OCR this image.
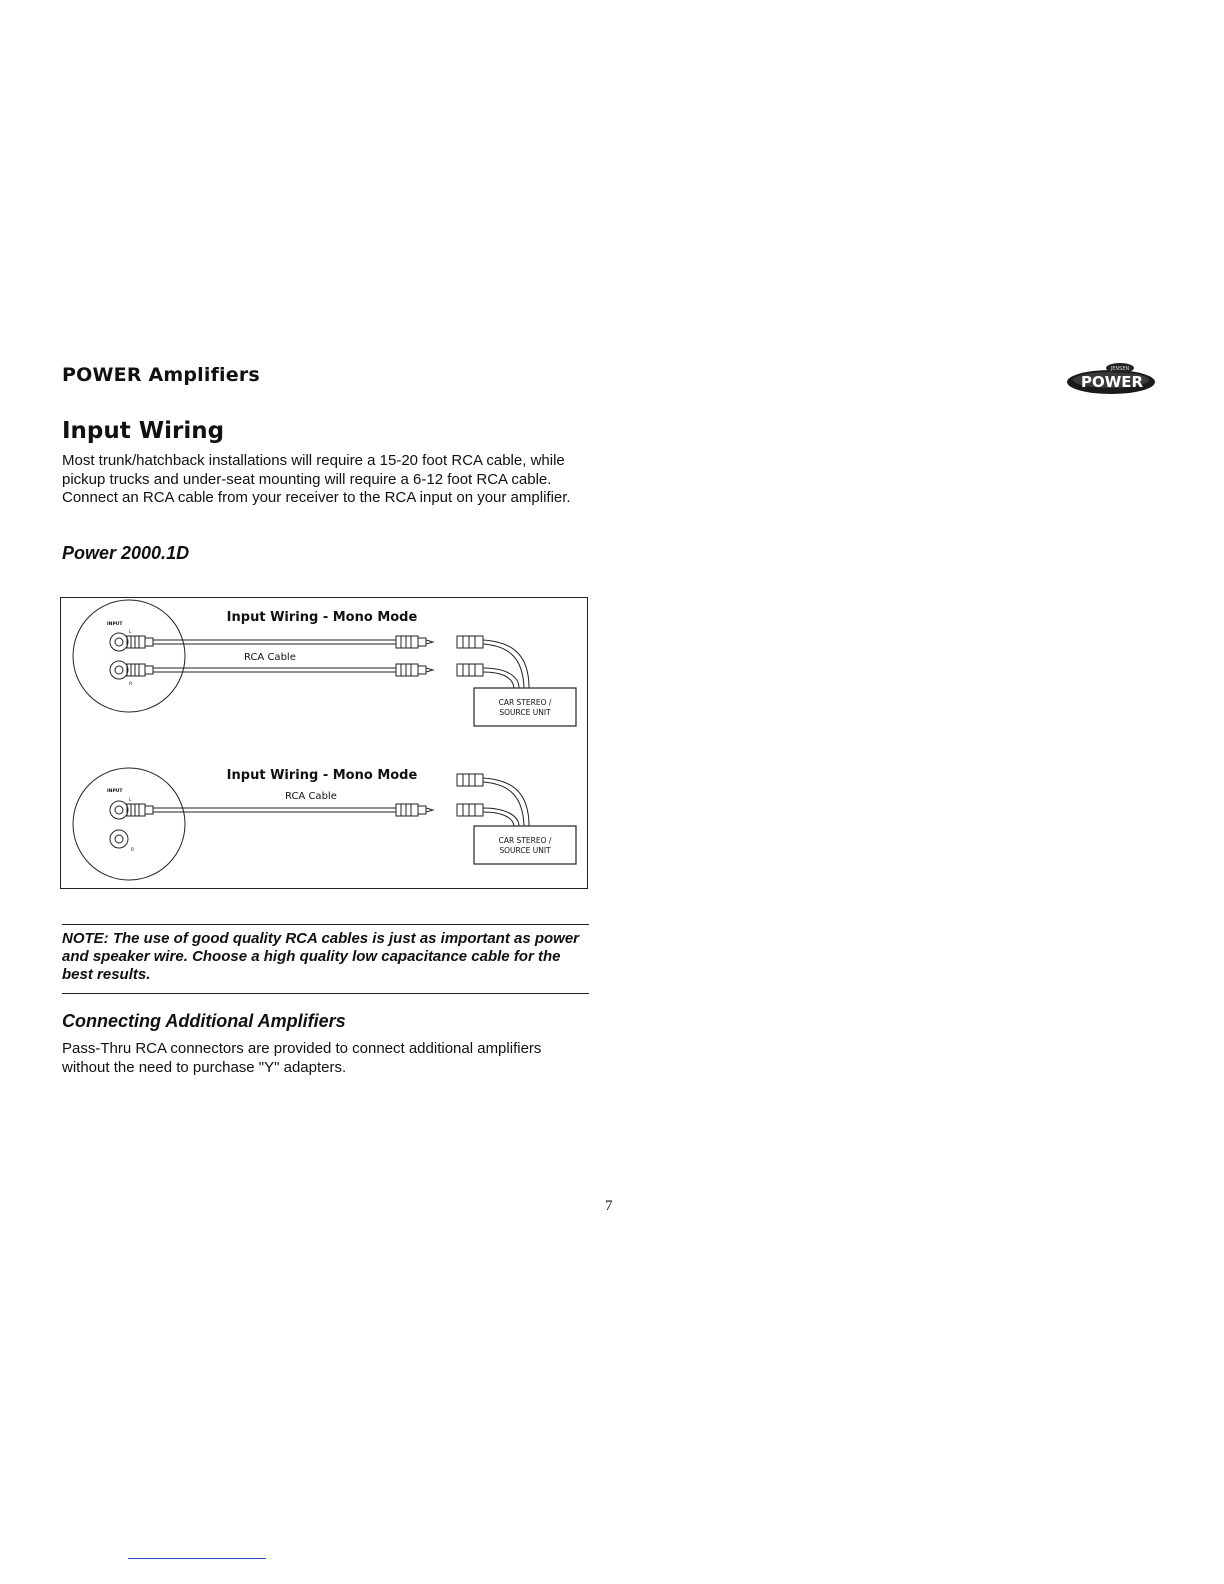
POWER Amplifiers	JENSEN
POWER
Input Wiring

Most trunk/hatchback installations will require a 15-20 foot RCA cable, while

pickup trucks and under-seat mounting will require a 6-12 foot RCA cable.

Connect an RCA cable from your receiver to the RCA input on your amplifier.

Power 2000.1D
Input Wiring - Mono Mode
RCA Cable
INPUT
L
R
CAR STEREO /
SOURCE UNIT
Input Wiring - Mono Mode
RCA Cable
INPUT
L
R
CAR STEREO /
SOURCE UNIT
NOTE: The use of good quality RCA cables is just as important as power
and speaker wire. Choose a high quality low capacitance cable for the
best results.
Connecting Additional Amplifiers

Pass-Thru RCA connectors are provided to connect additional amplifiers

without the need to purchase "Y" adapters.

7
